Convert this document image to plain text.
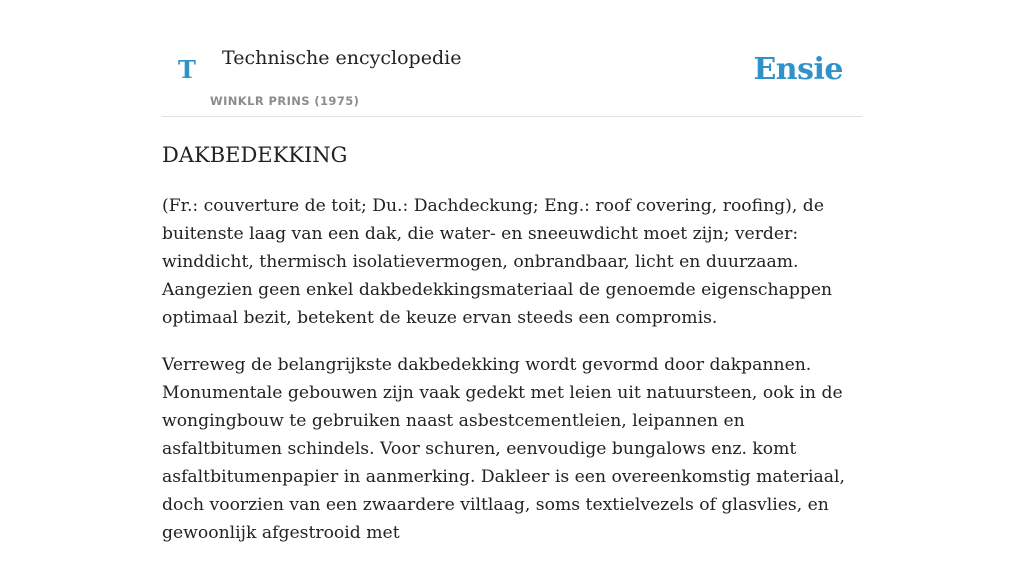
T Technische encyclopedie
WINKLR PRINS (1975)
Ensie
DAKBEDEKKING

(Fr.: couverture de toit; Du.: Dachdeckung; Eng.: roof covering, roofing), de buitenste laag van een dak, die water- en sneeuwdicht moet zijn; verder: winddicht, thermisch isolatievermogen, onbrandbaar, licht en duurzaam. Aangezien geen enkel dakbedekkingsmateriaal de genoemde eigenschappen optimaal bezit, betekent de keuze ervan steeds een compromis.

Verreweg de belangrijkste dakbedekking wordt gevormd door dakpannen. Monumentale gebouwen zijn vaak gedekt met leien uit natuursteen, ook in de wongingbouw te gebruiken naast asbestcementleien, leipannen en asfaltbitumen schindels. Voor schuren, eenvoudige bungalows enz. komt asfaltbitumenpapier in aanmerking. Dakleer is een overeenkomstig materiaal, doch voorzien van een zwaardere viltlaag, soms textielvezels of glasvlies, en gewoonlijk afgestrooid met
